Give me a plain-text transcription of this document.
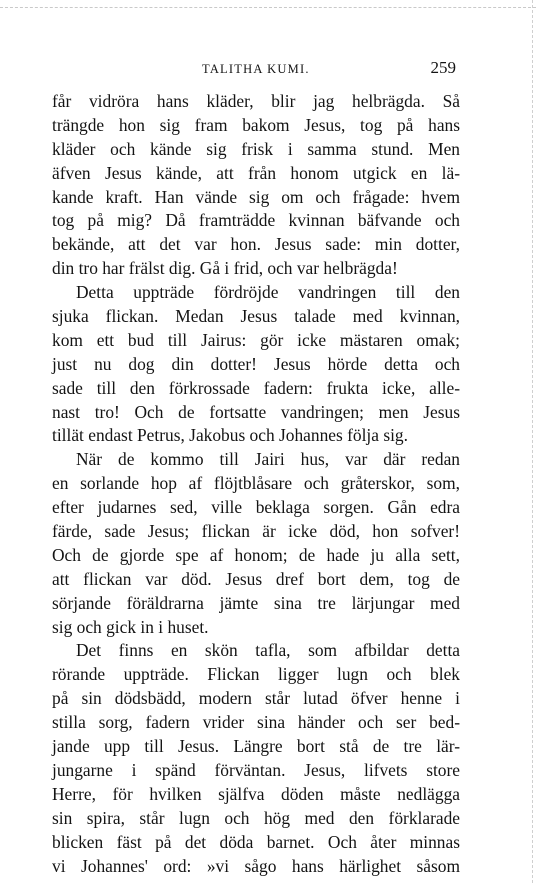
TALITHA KUMI.	259
får vidröra hans kläder, blir jag helbrägda. Så
trängde hon sig fram bakom Jesus, tog på hans
kläder och kände sig frisk i samma stund. Men
äfven Jesus kände, att från honom utgick en lä-
kande kraft. Han vände sig om och frågade: hvem
tog på mig? Då framträdde kvinnan bäfvande och
bekände, att det var hon. Jesus sade: min dotter,
din tro har frälst dig. Gå i frid, och var helbrägda!
Detta uppträde fördröjde vandringen till den
sjuka flickan. Medan Jesus talade med kvinnan,
kom ett bud till Jairus: gör icke mästaren omak;
just nu dog din dotter! Jesus hörde detta och
sade till den förkrossade fadern: frukta icke, alle-
nast tro! Och de fortsatte vandringen; men Jesus
tillät endast Petrus, Jakobus och Johannes följa sig.
När de kommo till Jairi hus, var där redan
en sorlande hop af flöjtblåsare och gråterskor, som,
efter judarnes sed, ville beklaga sorgen. Gån edra
färde, sade Jesus; flickan är icke död, hon sofver!
Och de gjorde spe af honom; de hade ju alla sett,
att flickan var död. Jesus dref bort dem, tog de
sörjande föräldrarna jämte sina tre lärjungar med
sig och gick in i huset.
Det finns en skön tafla, som afbildar detta
rörande uppträde. Flickan ligger lugn och blek
på sin dödsbädd, modern står lutad öfver henne i
stilla sorg, fadern vrider sina händer och ser bed-
jande upp till Jesus. Längre bort stå de tre lär-
jungarne i spänd förväntan. Jesus, lifvets store
Herre, för hvilken själfva döden måste nedlägga
sin spira, står lugn och hög med den förklarade
blicken fäst på det döda barnet. Och åter minnas
vi Johannes' ord: »vi sågo hans härlighet såsom
